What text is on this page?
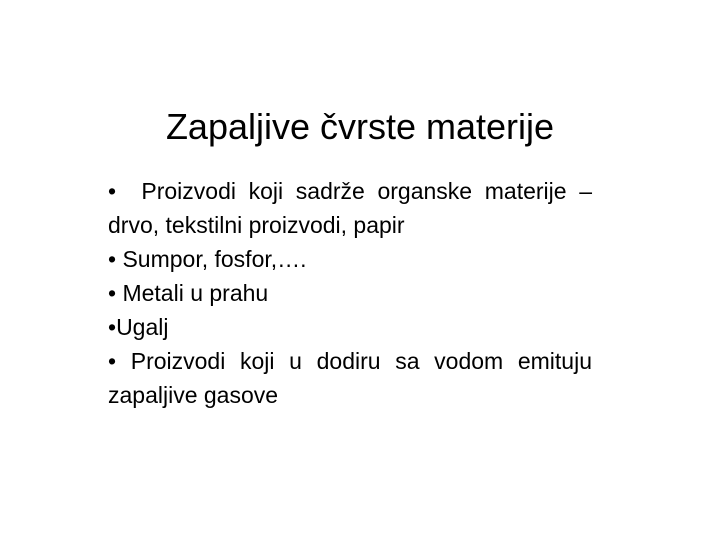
Zapaljive čvrste materije
• Proizvodi koji sadrže organske materije – drvo, tekstilni proizvodi, papir
• Sumpor, fosfor,….
• Metali u prahu
•Ugalj
• Proizvodi koji u dodiru sa vodom emituju zapaljive gasove
